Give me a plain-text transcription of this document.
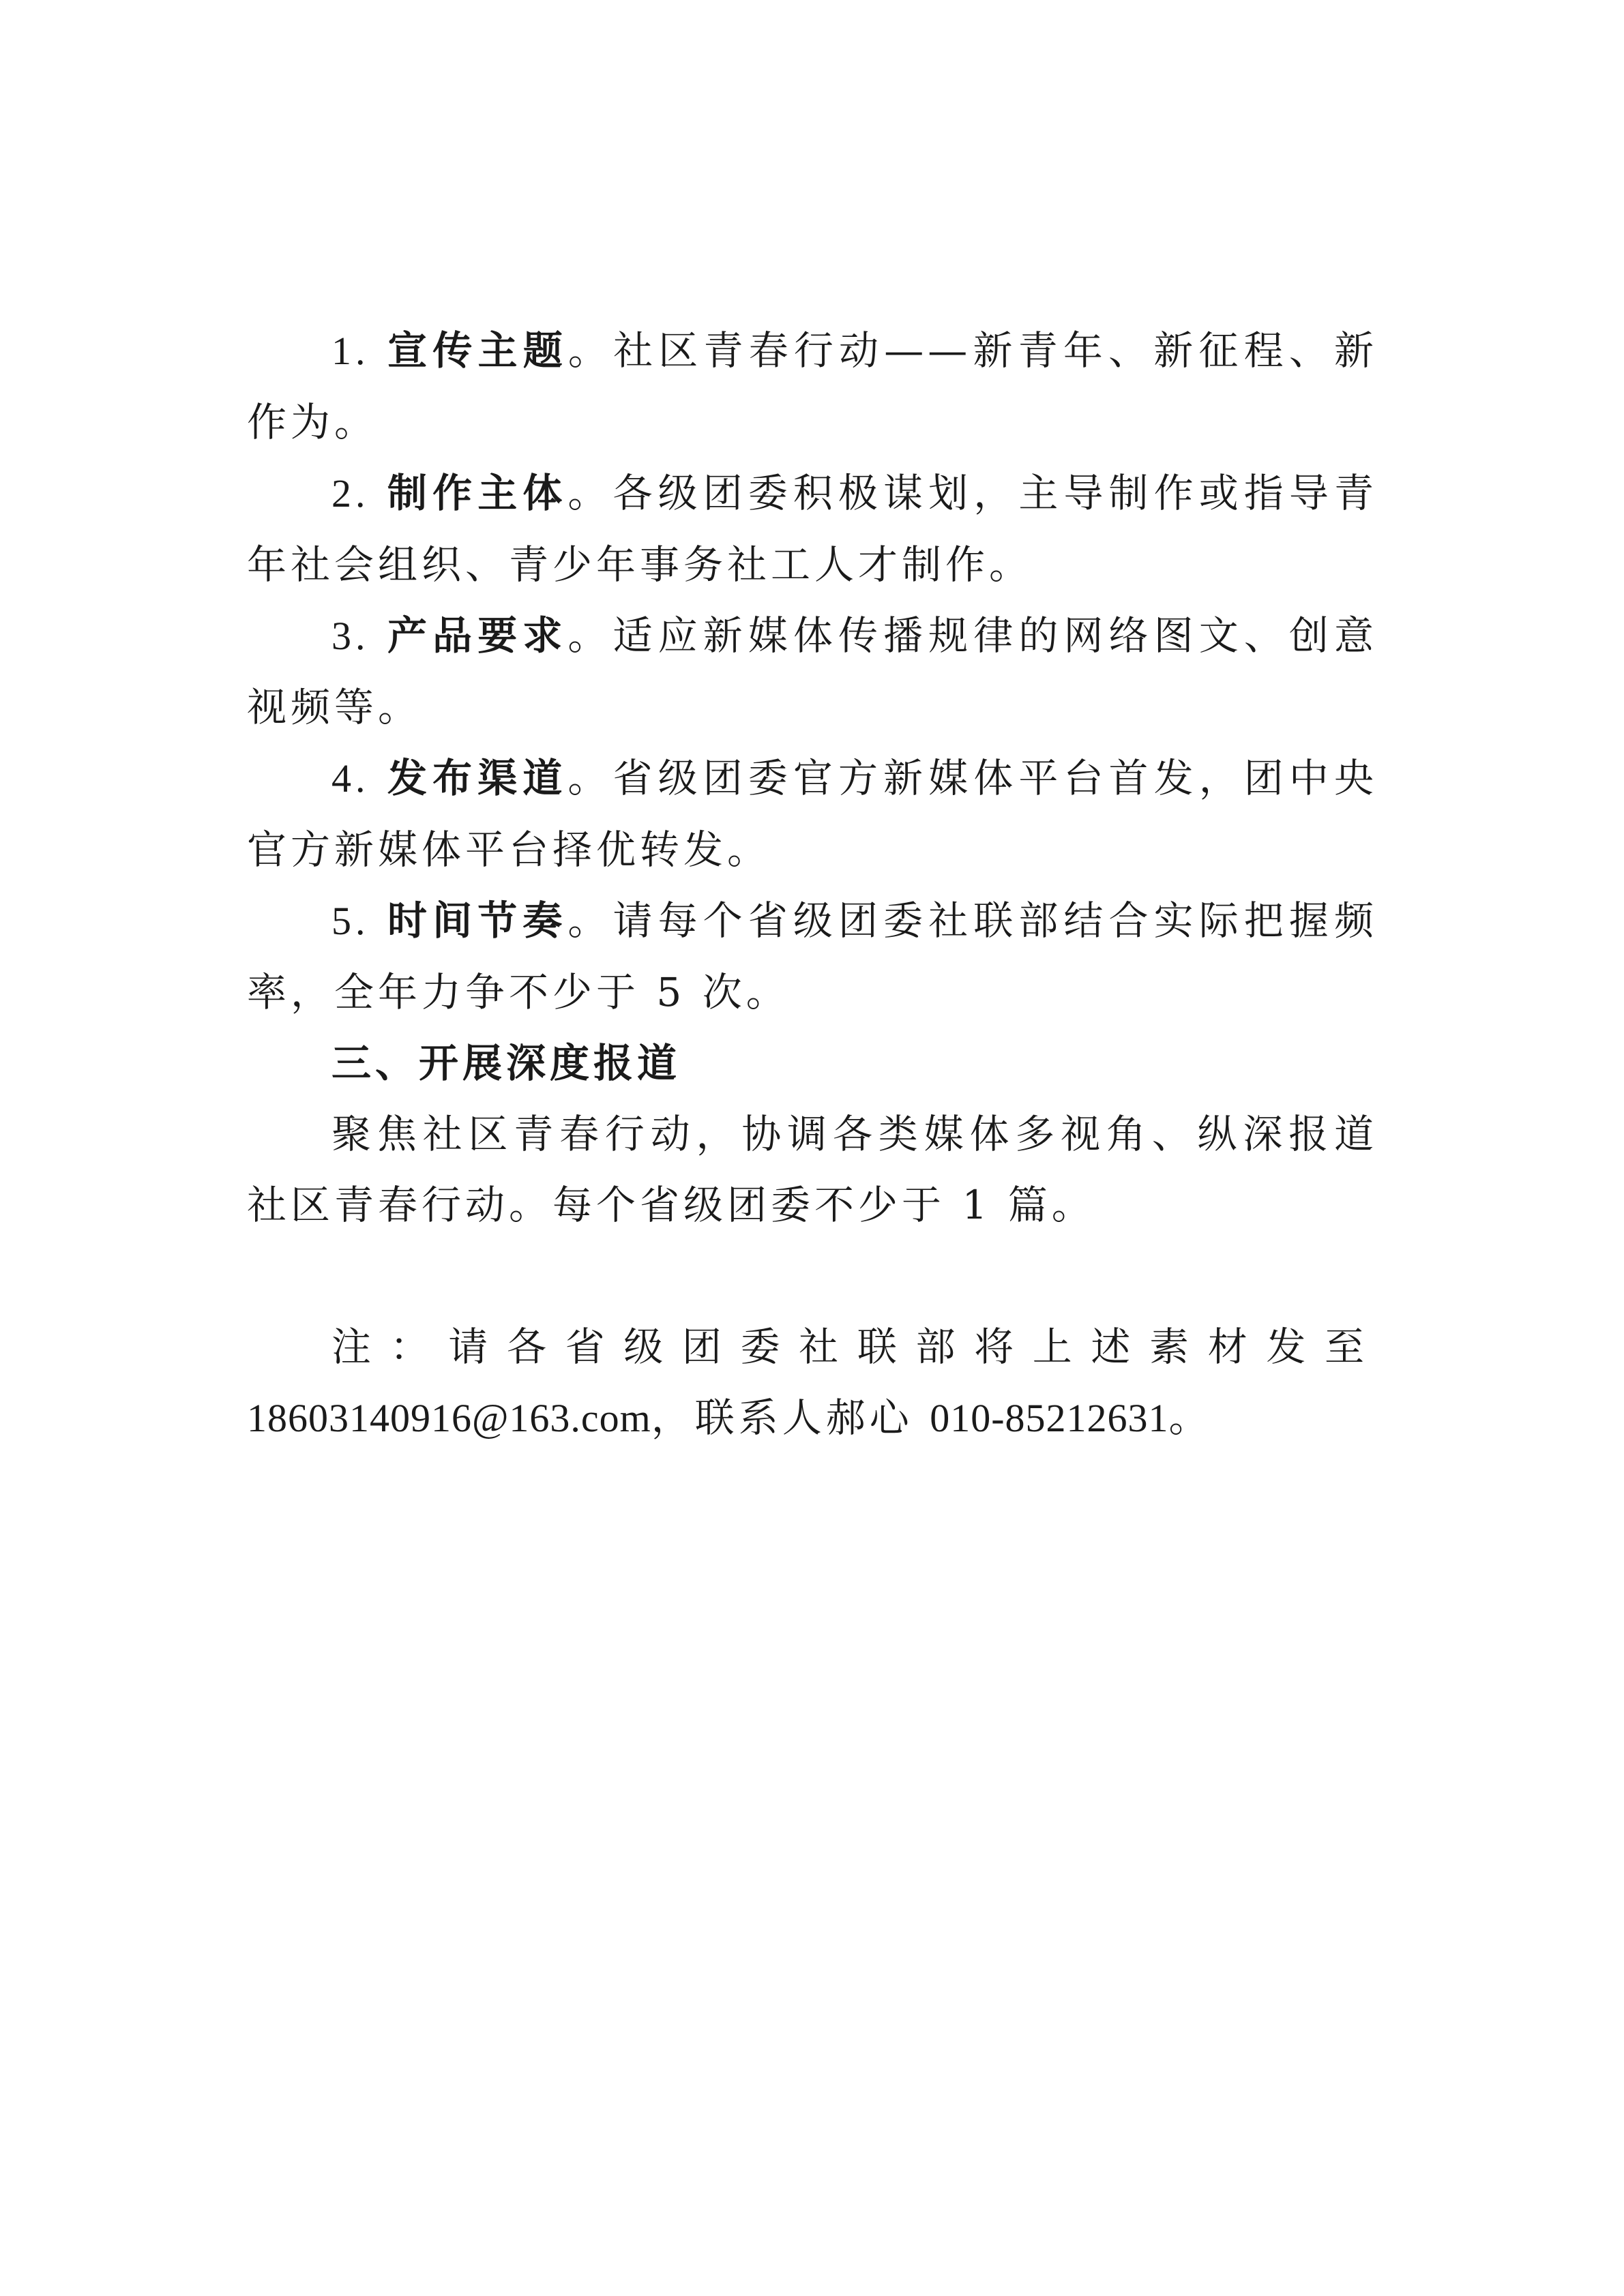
1. 宣传主题。社区青春行动——新青年、新征程、新作为。

2. 制作主体。各级团委积极谋划，主导制作或指导青年社会组织、青少年事务社工人才制作。

3. 产品要求。适应新媒体传播规律的网络图文、创意视频等。

4. 发布渠道。省级团委官方新媒体平台首发，团中央官方新媒体平台择优转发。

5. 时间节奏。请每个省级团委社联部结合实际把握频率，全年力争不少于 5 次。

三、开展深度报道

聚焦社区青春行动，协调各类媒体多视角、纵深报道社区青春行动。每个省级团委不少于 1 篇。

注：请各省级团委社联部将上述素材发至
18603140916@163.com，联系人郝心 010-85212631。
